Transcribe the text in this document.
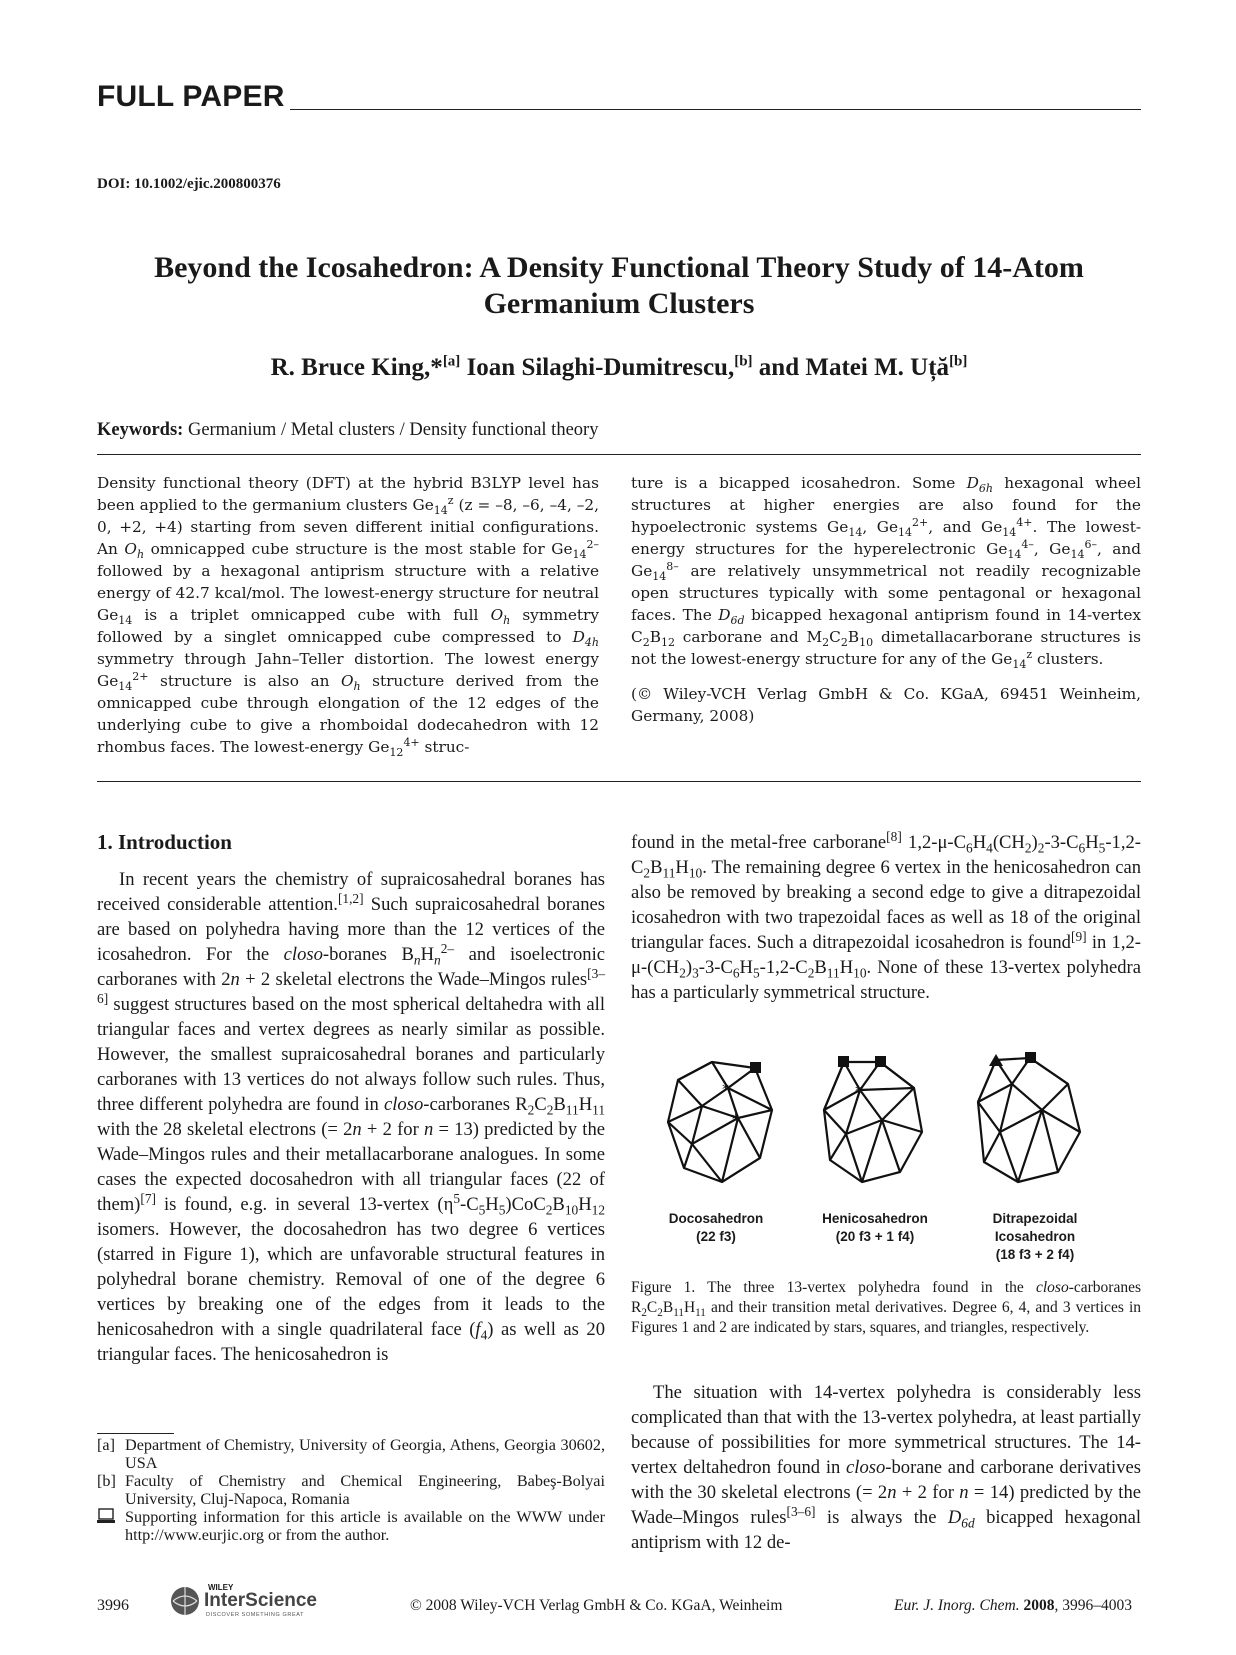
FULL PAPER
DOI: 10.1002/ejic.200800376
Beyond the Icosahedron: A Density Functional Theory Study of 14-Atom Germanium Clusters
R. Bruce King,*[a] Ioan Silaghi-Dumitrescu,[b] and Matei M. Uță[b]
Keywords: Germanium / Metal clusters / Density functional theory
Density functional theory (DFT) at the hybrid B3LYP level has been applied to the germanium clusters $Ge_{14}^z$ (z = –8, –6, –4, –2, 0, +2, +4) starting from seven different initial configurations. An $O_h$ omnicapped cube structure is the most stable for $Ge_{14}^{2-}$ followed by a hexagonal antiprism structure with a relative energy of 42.7 kcal/mol. The lowest-energy structure for neutral $Ge_{14}$ is a triplet omnicapped cube with full $O_h$ symmetry followed by a singlet omnicapped cube compressed to $D_{4h}$ symmetry through Jahn–Teller distortion. The lowest energy $Ge_{14}^{2+}$ structure is also an $O_h$ structure derived from the omnicapped cube through elongation of the 12 edges of the underlying cube to give a rhomboidal dodecahedron with 12 rhombus faces. The lowest-energy $Ge_{12}^{4+}$ struc-
ture is a bicapped icosahedron. Some $D_{6h}$ hexagonal wheel structures at higher energies are also found for the hypoelectronic systems $Ge_{14}$, $Ge_{14}^{2+}$, and $Ge_{14}^{4+}$. The lowest-energy structures for the hyperelectronic $Ge_{14}^{4-}$, $Ge_{14}^{6-}$, and $Ge_{14}^{8-}$ are relatively unsymmetrical not readily recognizable open structures typically with some pentagonal or hexagonal faces. The $D_{6d}$ bicapped hexagonal antiprism found in 14-vertex $C_2B_{12}$ carborane and $M_2C_2B_{10}$ dimetallacarborane structures is not the lowest-energy structure for any of the $Ge_{14}^z$ clusters.
(© Wiley-VCH Verlag GmbH & Co. KGaA, 69451 Weinheim, Germany, 2008)
1. Introduction

In recent years the chemistry of supraicosahedral boranes has received considerable attention.[1,2] Such supraicosahedral boranes are based on polyhedra having more than the 12 vertices of the icosahedron. For the closo-boranes $B_nH_n^{2-}$ and isoelectronic carboranes with 2n + 2 skeletal electrons the Wade–Mingos rules[3–6] suggest structures based on the most spherical deltahedra with all triangular faces and vertex degrees as nearly similar as possible. However, the smallest supraicosahedral boranes and particularly carboranes with 13 vertices do not always follow such rules. Thus, three different polyhedra are found in closo-carboranes $R_2C_2B_{11}H_{11}$ with the 28 skeletal electrons (= 2n + 2 for n = 13) predicted by the Wade–Mingos rules and their metallacarborane analogues. In some cases the expected docosahedron with all triangular faces (22 of them)[7] is found, e.g. in several 13-vertex $(\eta^5-C_5H_5)CoC_2B_{10}H_{12}$ isomers. However, the docosahedron has two degree 6 vertices (starred in Figure 1), which are unfavorable structural features in polyhedral borane chemistry. Removal of one of the degree 6 vertices by breaking one of the edges from it leads to the henicosahedron with a single quadrilateral face $(f_4)$ as well as 20 triangular faces. The henicosahedron is

found in the metal-free carborane[8] $1,2-\mu-C_6H_4(CH_2)_2-3-C_6H_5-1,2-C_2B_{11}H_{10}$. The remaining degree 6 vertex in the henicosahedron can also be removed by breaking a second edge to give a ditrapezoidal icosahedron with two trapezoidal faces as well as 18 of the original triangular faces. Such a ditrapezoidal icosahedron is found[9] in $1,2-\mu-(CH_2)_3-3-C_6H_5-1,2-C_2B_{11}H_{10}$. None of these 13-vertex polyhedra has a particularly symmetrical structure.
*
*
*
Docosahedron
(22 f3)
Henicosahedron
(20 f3 + 1 f4)
Ditrapezoidal Icosahedron
(18 f3 + 2 f4)
Figure 1. The three 13-vertex polyhedra found in the closo-carboranes $R_2C_2B_{11}H_{11}$ and their transition metal derivatives. Degree 6, 4, and 3 vertices in Figures 1 and 2 are indicated by stars, squares, and triangles, respectively.

The situation with 14-vertex polyhedra is considerably less complicated than that with the 13-vertex polyhedra, at least partially because of possibilities for more symmetrical structures. The 14-vertex deltahedron found in closo-borane and carborane derivatives with the 30 skeletal electrons (= 2n + 2 for n = 14) predicted by the Wade–Mingos rules[3–6] is always the $D_{6d}$ bicapped hexagonal antiprism with 12 de-

[a] Department of Chemistry, University of Georgia, Athens, Georgia 30602, USA
[b] Faculty of Chemistry and Chemical Engineering, Babeş-Bolyai University, Cluj-Napoca, Romania
Supporting information for this article is available on the WWW under http://www.eurjic.org or from the author.
3996
WILEY
InterScience
DISCOVER SOMETHING GREAT
© 2008 Wiley-VCH Verlag GmbH & Co. KGaA, Weinheim	Eur. J. Inorg. Chem. 2008, 3996–4003
